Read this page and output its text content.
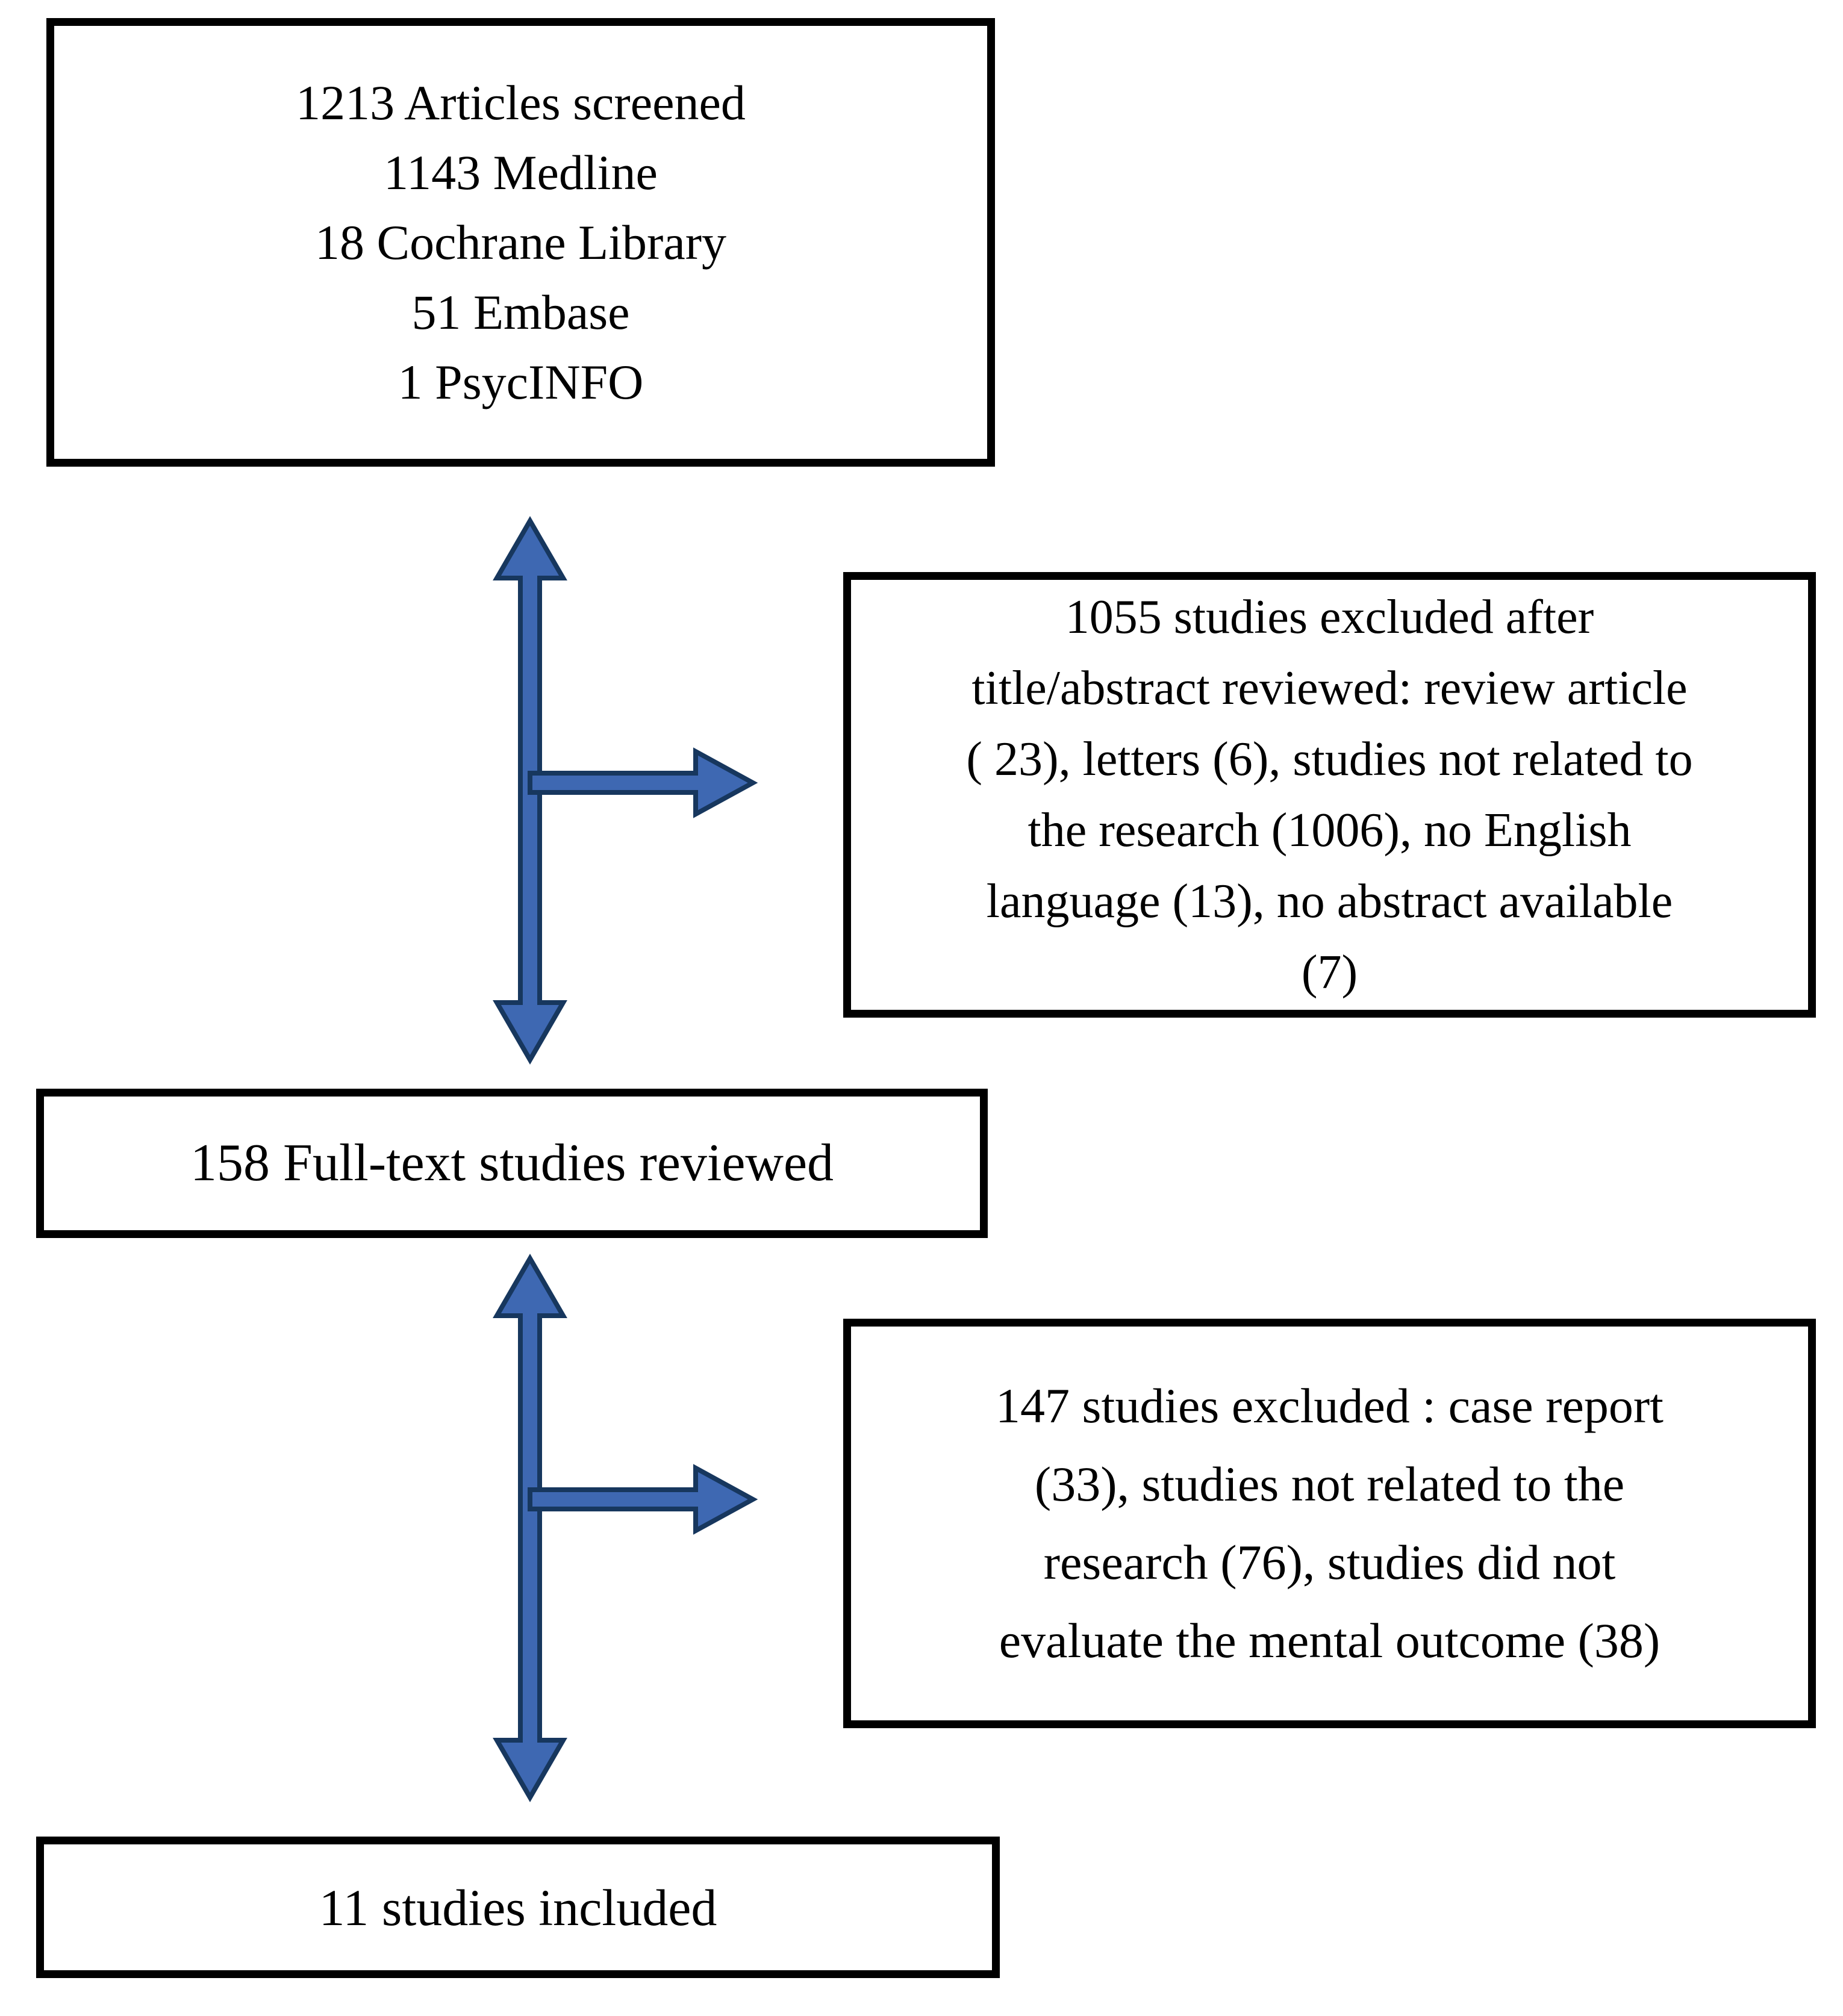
1213 Articles screened
1143 Medline
18 Cochrane Library
51 Embase
1 PsycINFO
1055 studies excluded after
title/abstract reviewed: review article
( 23), letters (6), studies not related to
the research (1006), no English
language (13), no abstract available
(7)
158 Full-text studies reviewed
147 studies excluded : case report
(33), studies not related to the
research (76), studies did not
evaluate the mental outcome (38)
11 studies included
